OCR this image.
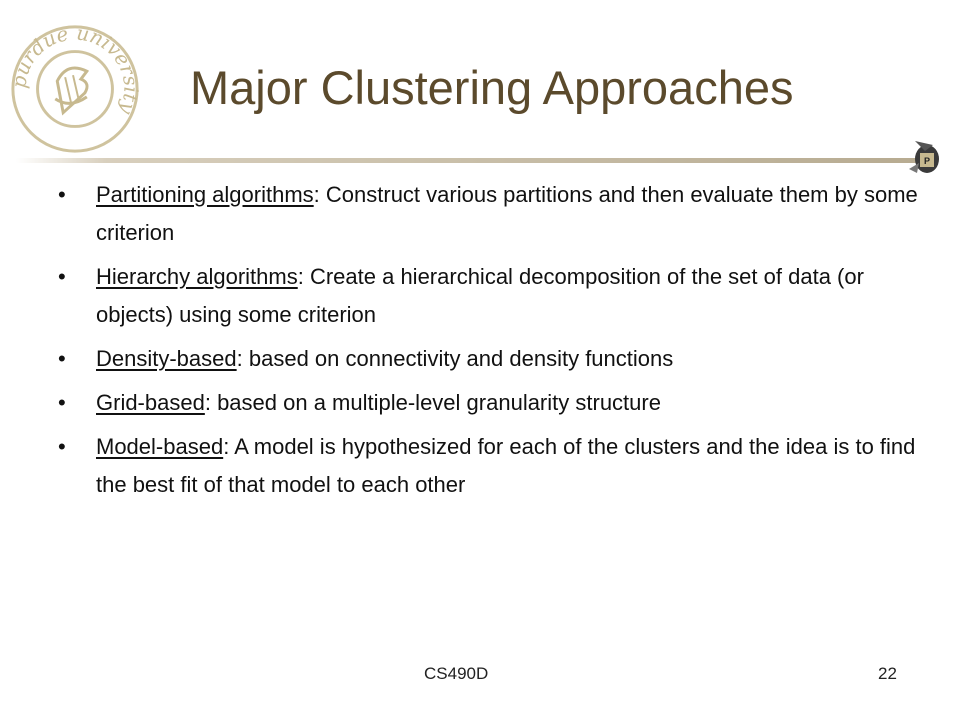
purdue university Major Clustering Approaches
P
•	Partitioning algorithms: Construct various partitions and then evaluate them by some criterion
•	Hierarchy algorithms: Create a hierarchical decomposition of the set of data (or objects) using some criterion
•	Density-based: based on connectivity and density functions
•	Grid-based: based on a multiple-level granularity structure
•	Model-based: A model is hypothesized for each of the clusters and the idea is to find the best fit of that model to each other
CS490D	22
